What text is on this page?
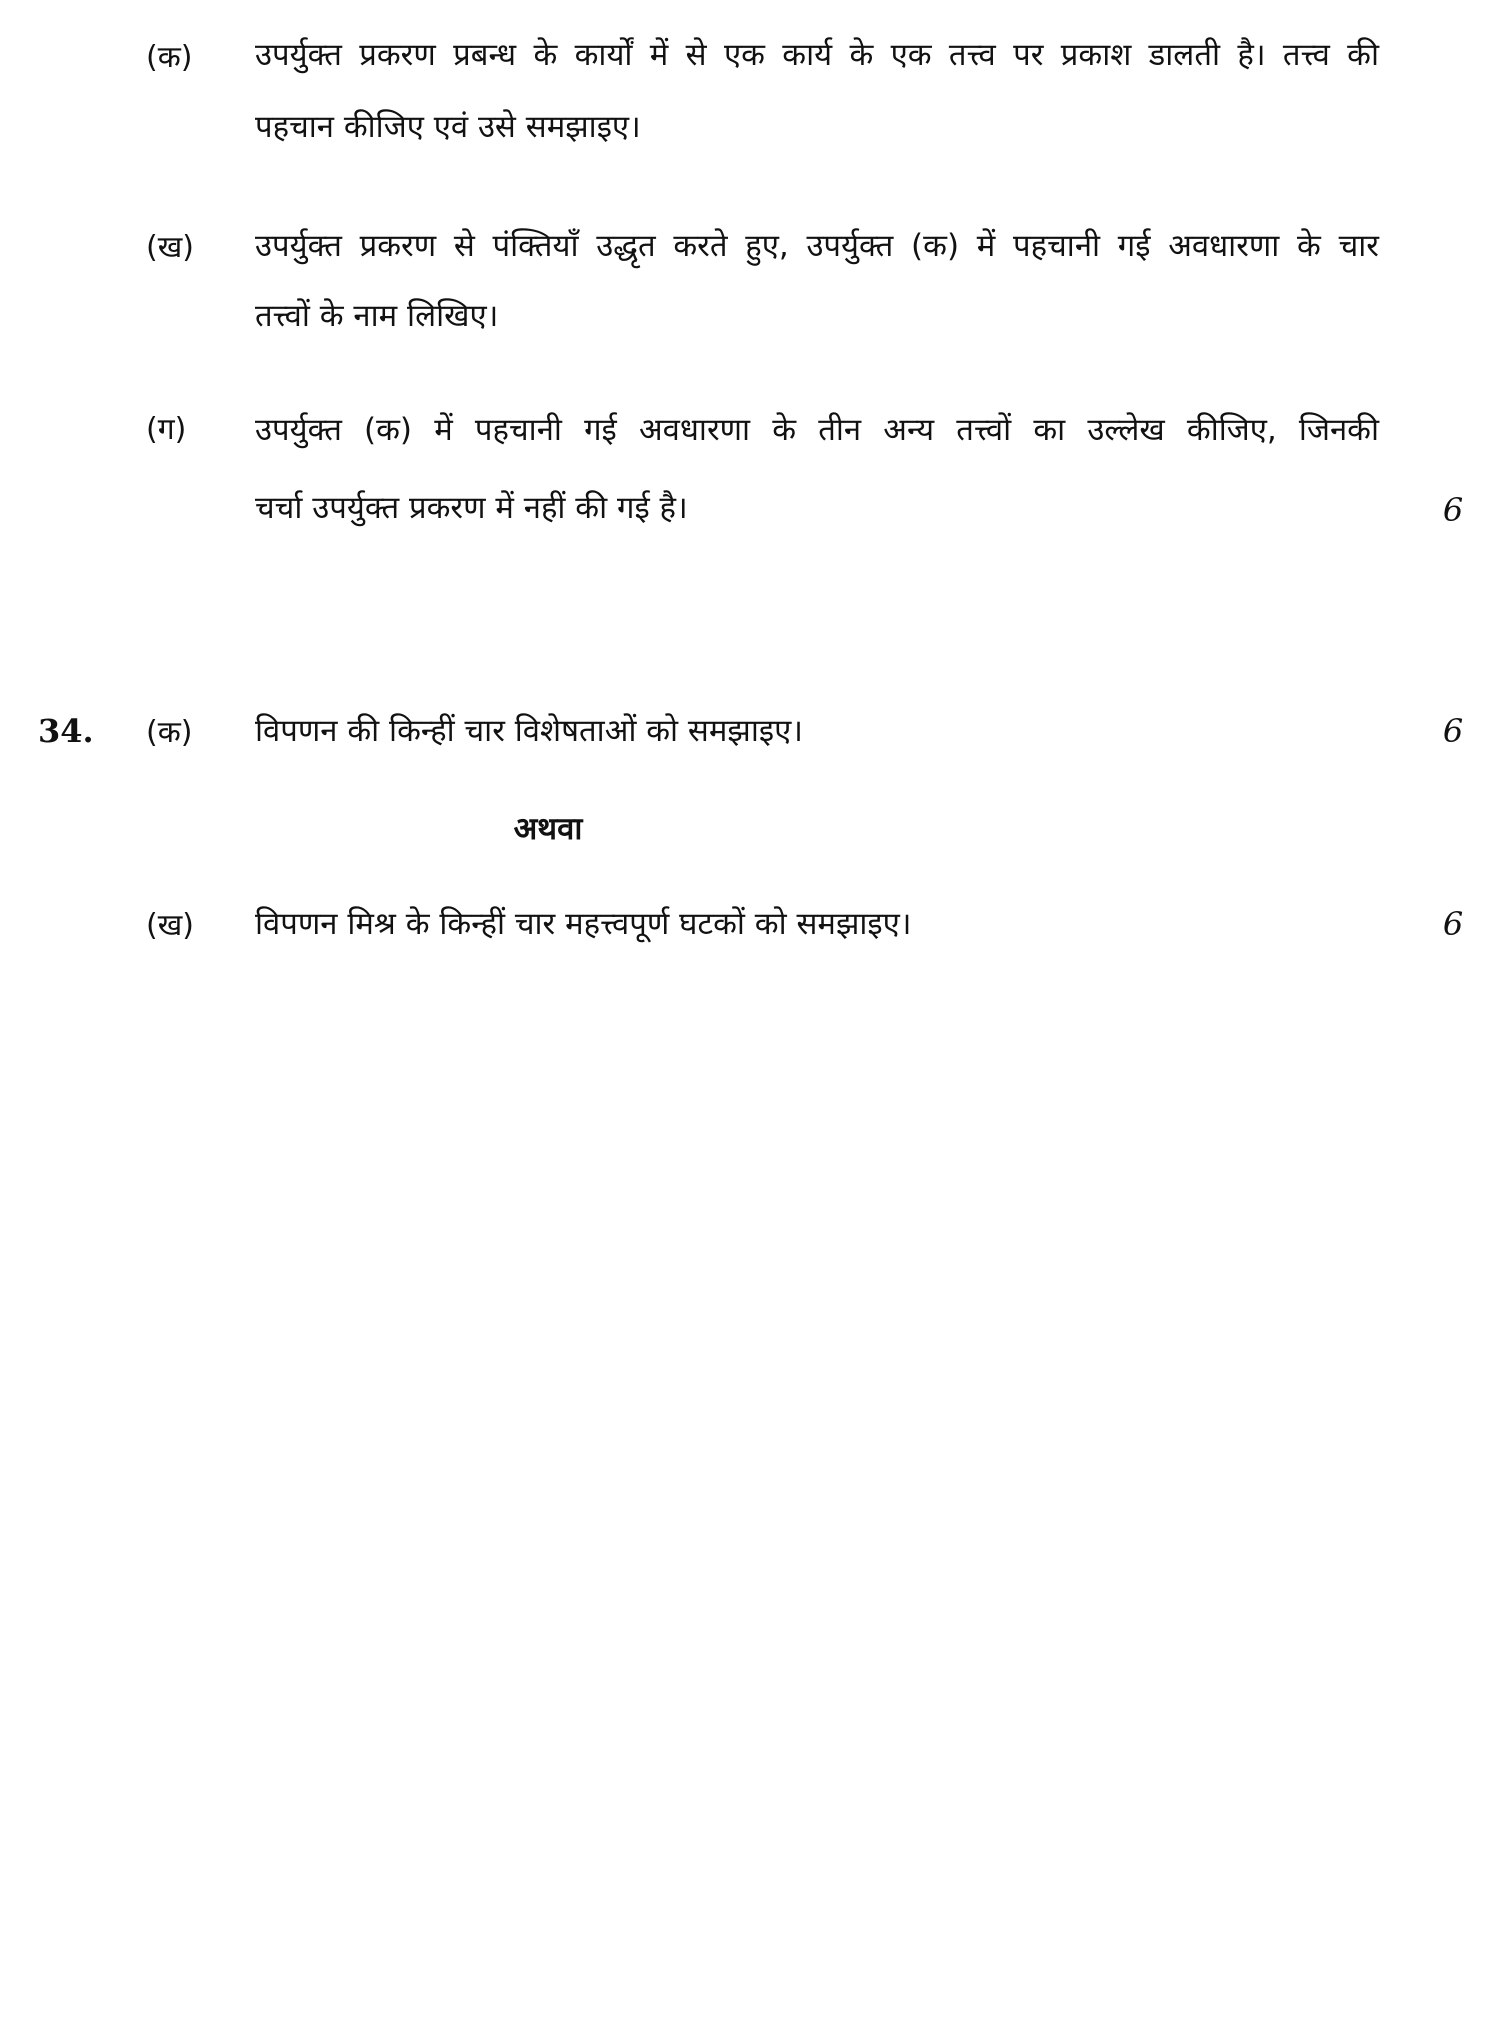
(क)	उपर्युक्त प्रकरण प्रबन्ध के कार्यों में से एक कार्य के एक तत्त्व पर प्रकाश डालती है। तत्त्व की
पहचान कीजिए एवं उसे समझाइए।
(ख)	उपर्युक्त प्रकरण से पंक्तियाँ उद्धृत करते हुए, उपर्युक्त (क) में पहचानी गई अवधारणा के चार
तत्त्वों के नाम लिखिए।
(ग)	उपर्युक्त (क) में पहचानी गई अवधारणा के तीन अन्य तत्त्वों का उल्लेख कीजिए, जिनकी
चर्चा उपर्युक्त प्रकरण में नहीं की गई है।	6
34. (क)	विपणन की किन्हीं चार विशेषताओं को समझाइए।	6
अथवा
(ख)	विपणन मिश्र के किन्हीं चार महत्त्वपूर्ण घटकों को समझाइए।	6
